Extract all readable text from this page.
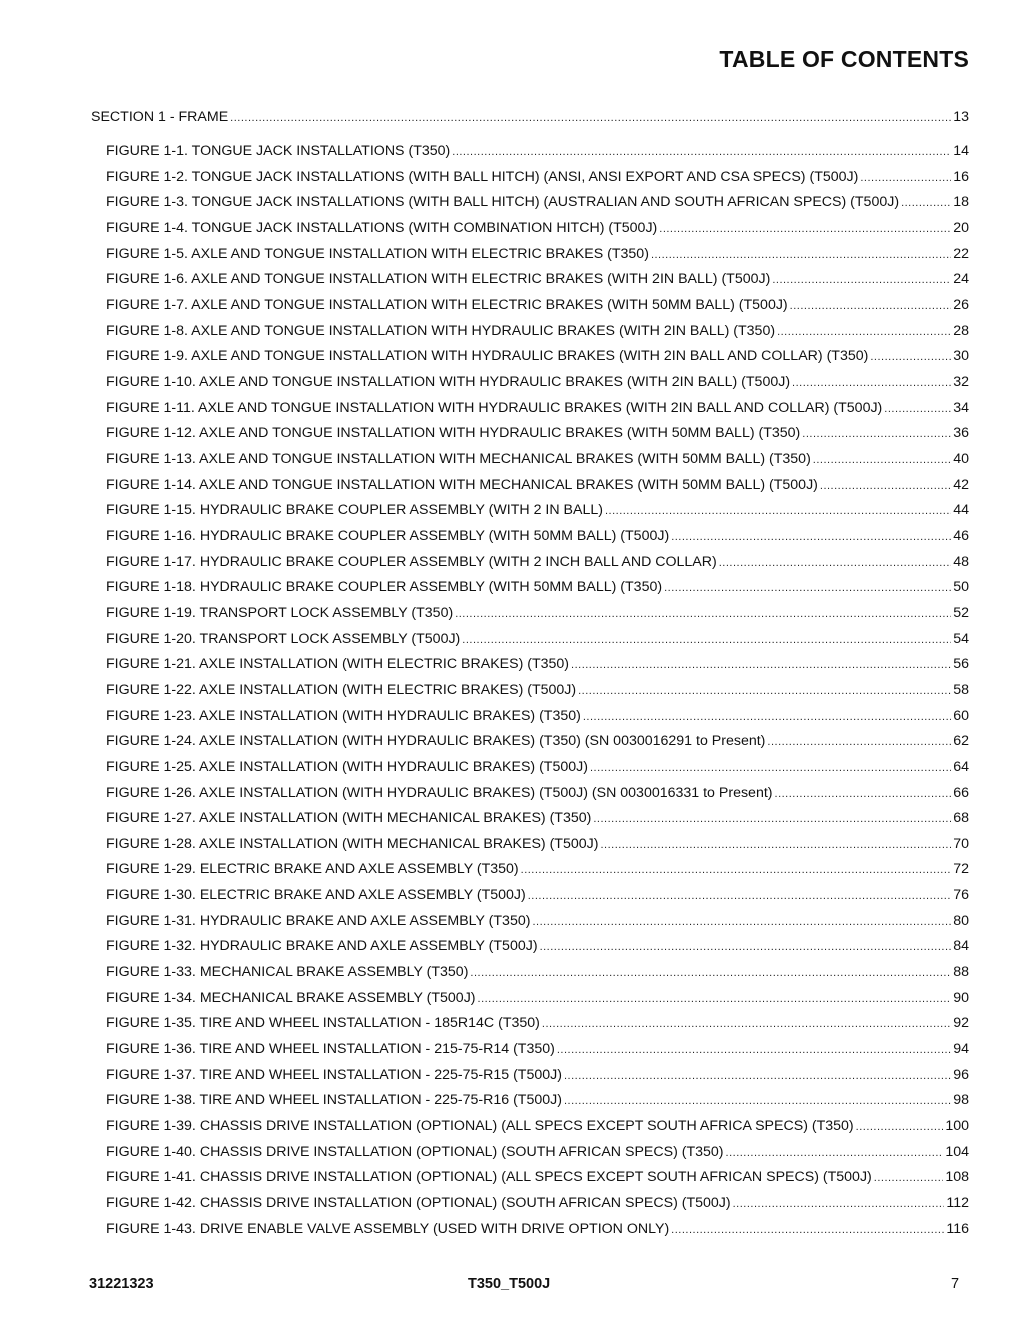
TABLE OF CONTENTS
SECTION 1 - FRAME .....	13
FIGURE 1-1. TONGUE JACK INSTALLATIONS (T350) .....	14
FIGURE 1-2. TONGUE JACK INSTALLATIONS (WITH BALL HITCH) (ANSI, ANSI EXPORT AND CSA SPECS) (T500J) .....	16
FIGURE 1-3. TONGUE JACK INSTALLATIONS (WITH BALL HITCH) (AUSTRALIAN AND SOUTH AFRICAN SPECS) (T500J) .....	18
FIGURE 1-4. TONGUE JACK INSTALLATIONS (WITH COMBINATION HITCH) (T500J) .....	20
FIGURE 1-5. AXLE AND TONGUE INSTALLATION WITH ELECTRIC BRAKES (T350) .....	22
FIGURE 1-6. AXLE AND TONGUE INSTALLATION WITH ELECTRIC BRAKES (WITH 2IN BALL) (T500J) .....	24
FIGURE 1-7. AXLE AND TONGUE INSTALLATION WITH ELECTRIC BRAKES (WITH 50MM BALL) (T500J) .....	26
FIGURE 1-8. AXLE AND TONGUE INSTALLATION WITH HYDRAULIC BRAKES (WITH 2IN BALL) (T350) .....	28
FIGURE 1-9. AXLE AND TONGUE INSTALLATION WITH HYDRAULIC BRAKES (WITH 2IN BALL AND COLLAR) (T350) .....	30
FIGURE 1-10. AXLE AND TONGUE INSTALLATION WITH HYDRAULIC BRAKES (WITH 2IN BALL) (T500J) .....	32
FIGURE 1-11. AXLE AND TONGUE INSTALLATION WITH HYDRAULIC BRAKES (WITH 2IN BALL AND COLLAR) (T500J) .....	34
FIGURE 1-12. AXLE AND TONGUE INSTALLATION WITH HYDRAULIC BRAKES (WITH 50MM BALL) (T350) .....	36
FIGURE 1-13. AXLE AND TONGUE INSTALLATION WITH MECHANICAL BRAKES (WITH 50MM BALL) (T350) .....	40
FIGURE 1-14. AXLE AND TONGUE INSTALLATION WITH MECHANICAL BRAKES (WITH 50MM BALL) (T500J) .....	42
FIGURE 1-15. HYDRAULIC BRAKE COUPLER ASSEMBLY (WITH 2 IN BALL) .....	44
FIGURE 1-16. HYDRAULIC BRAKE COUPLER ASSEMBLY (WITH 50MM BALL) (T500J) .....	46
FIGURE 1-17. HYDRAULIC BRAKE COUPLER ASSEMBLY (WITH 2 INCH BALL AND COLLAR) .....	48
FIGURE 1-18. HYDRAULIC BRAKE COUPLER ASSEMBLY (WITH 50MM BALL) (T350) .....	50
FIGURE 1-19. TRANSPORT LOCK ASSEMBLY (T350) .....	52
FIGURE 1-20. TRANSPORT LOCK ASSEMBLY (T500J) .....	54
FIGURE 1-21. AXLE INSTALLATION (WITH ELECTRIC BRAKES) (T350) .....	56
FIGURE 1-22. AXLE INSTALLATION (WITH ELECTRIC BRAKES) (T500J) .....	58
FIGURE 1-23. AXLE INSTALLATION (WITH HYDRAULIC BRAKES) (T350) .....	60
FIGURE 1-24. AXLE INSTALLATION (WITH HYDRAULIC BRAKES) (T350) (SN 0030016291 to Present) .....	62
FIGURE 1-25. AXLE INSTALLATION (WITH HYDRAULIC BRAKES) (T500J) .....	64
FIGURE 1-26. AXLE INSTALLATION (WITH HYDRAULIC BRAKES) (T500J) (SN 0030016331 to Present) .....	66
FIGURE 1-27. AXLE INSTALLATION (WITH MECHANICAL BRAKES) (T350) .....	68
FIGURE 1-28. AXLE INSTALLATION (WITH MECHANICAL BRAKES) (T500J) .....	70
FIGURE 1-29. ELECTRIC BRAKE AND AXLE ASSEMBLY (T350) .....	72
FIGURE 1-30. ELECTRIC BRAKE AND AXLE ASSEMBLY (T500J) .....	76
FIGURE 1-31. HYDRAULIC BRAKE AND AXLE ASSEMBLY (T350) .....	80
FIGURE 1-32. HYDRAULIC BRAKE AND AXLE ASSEMBLY (T500J) .....	84
FIGURE 1-33. MECHANICAL BRAKE ASSEMBLY (T350) .....	88
FIGURE 1-34. MECHANICAL BRAKE ASSEMBLY (T500J) .....	90
FIGURE 1-35. TIRE AND WHEEL INSTALLATION - 185R14C (T350) .....	92
FIGURE 1-36. TIRE AND WHEEL INSTALLATION - 215-75-R14 (T350) .....	94
FIGURE 1-37. TIRE AND WHEEL INSTALLATION - 225-75-R15 (T500J) .....	96
FIGURE 1-38. TIRE AND WHEEL INSTALLATION - 225-75-R16 (T500J) .....	98
FIGURE 1-39. CHASSIS DRIVE INSTALLATION (OPTIONAL) (ALL SPECS EXCEPT SOUTH AFRICA SPECS) (T350) .....	100
FIGURE 1-40. CHASSIS DRIVE INSTALLATION (OPTIONAL) (SOUTH AFRICAN SPECS) (T350) .....	104
FIGURE 1-41. CHASSIS DRIVE INSTALLATION (OPTIONAL) (ALL SPECS EXCEPT SOUTH AFRICAN SPECS) (T500J) .....	108
FIGURE 1-42. CHASSIS DRIVE INSTALLATION (OPTIONAL) (SOUTH AFRICAN SPECS) (T500J) .....	112
FIGURE 1-43. DRIVE ENABLE VALVE ASSEMBLY (USED WITH DRIVE OPTION ONLY) .....	116
31221323	T350_T500J	7
